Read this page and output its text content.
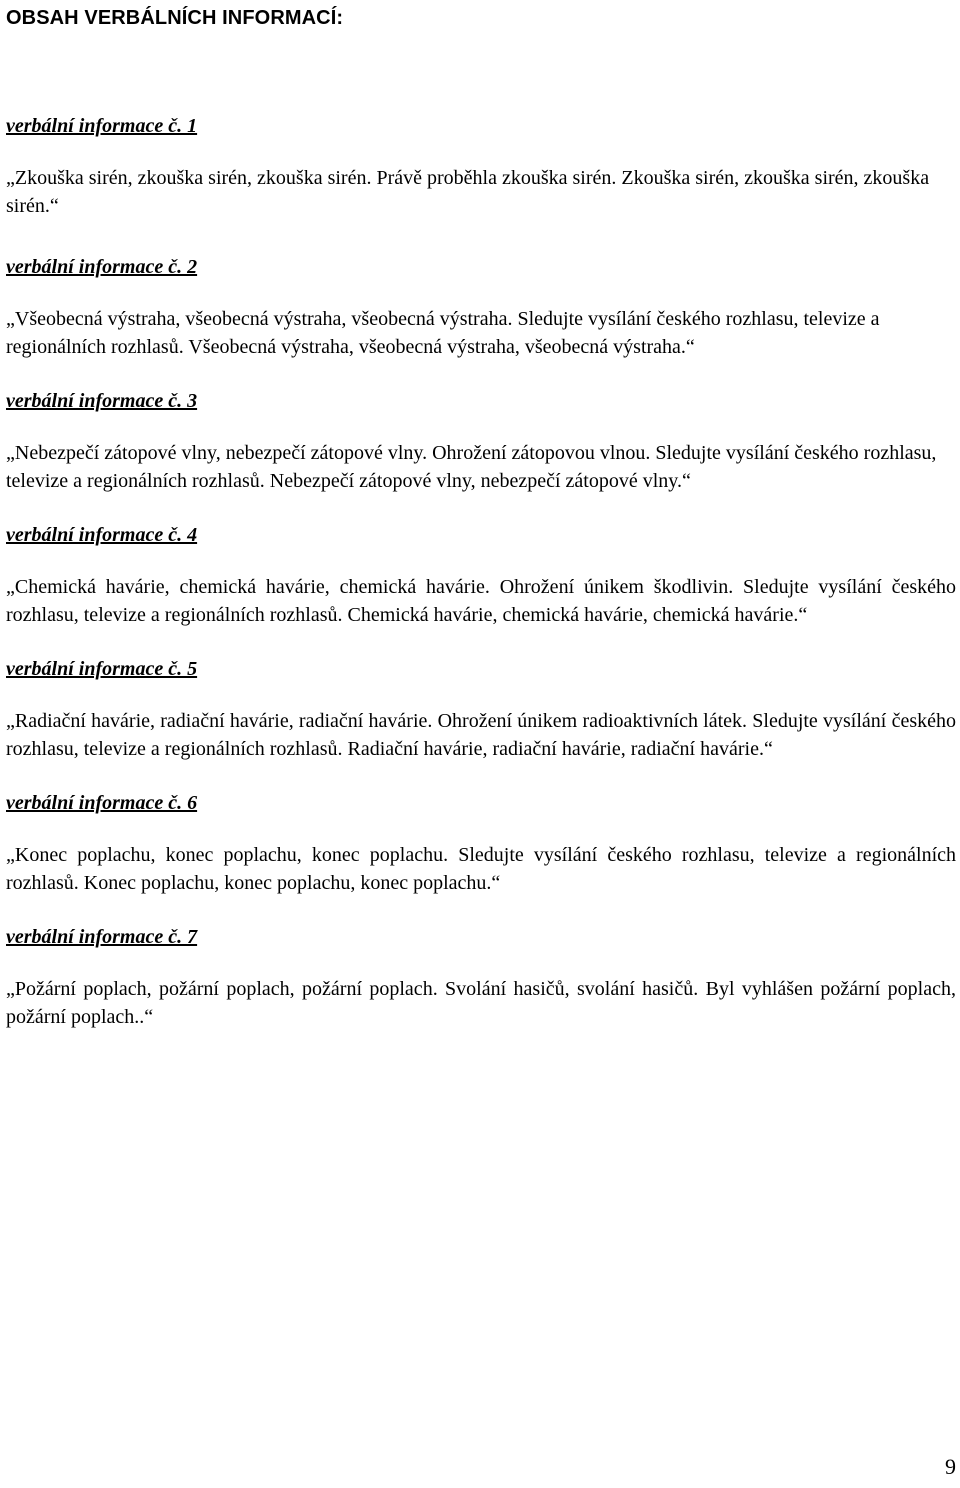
OBSAH VERBÁLNÍCH INFORMACÍ:

verbální informace č. 1

„Zkouška sirén, zkouška sirén, zkouška sirén. Právě proběhla zkouška sirén. Zkouška sirén, zkouška sirén, zkouška sirén.“

verbální informace č. 2

„Všeobecná výstraha, všeobecná výstraha, všeobecná výstraha. Sledujte vysílání českého rozhlasu, televize a regionálních rozhlasů. Všeobecná výstraha, všeobecná výstraha, všeobecná výstraha.“

verbální informace č. 3

„Nebezpečí zátopové vlny, nebezpečí zátopové vlny. Ohrožení zátopovou vlnou. Sledujte vysílání českého rozhlasu, televize a regionálních rozhlasů. Nebezpečí zátopové vlny, nebezpečí zátopové vlny.“

verbální informace č. 4

„Chemická havárie, chemická havárie, chemická havárie. Ohrožení únikem škodlivin. Sledujte vysílání českého rozhlasu, televize a regionálních rozhlasů. Chemická havárie, chemická havárie, chemická havárie.“

verbální informace č. 5

„Radiační havárie, radiační havárie, radiační havárie. Ohrožení únikem radioaktivních látek. Sledujte vysílání českého rozhlasu, televize a regionálních rozhlasů. Radiační havárie, radiační havárie, radiační havárie.“

verbální informace č. 6

„Konec poplachu, konec poplachu, konec poplachu. Sledujte vysílání českého rozhlasu, televize a regionálních rozhlasů. Konec poplachu, konec poplachu, konec poplachu.“

verbální informace č. 7

„Požární poplach, požární poplach, požární poplach. Svolání hasičů, svolání hasičů. Byl vyhlášen požární poplach, požární poplach..“

9
